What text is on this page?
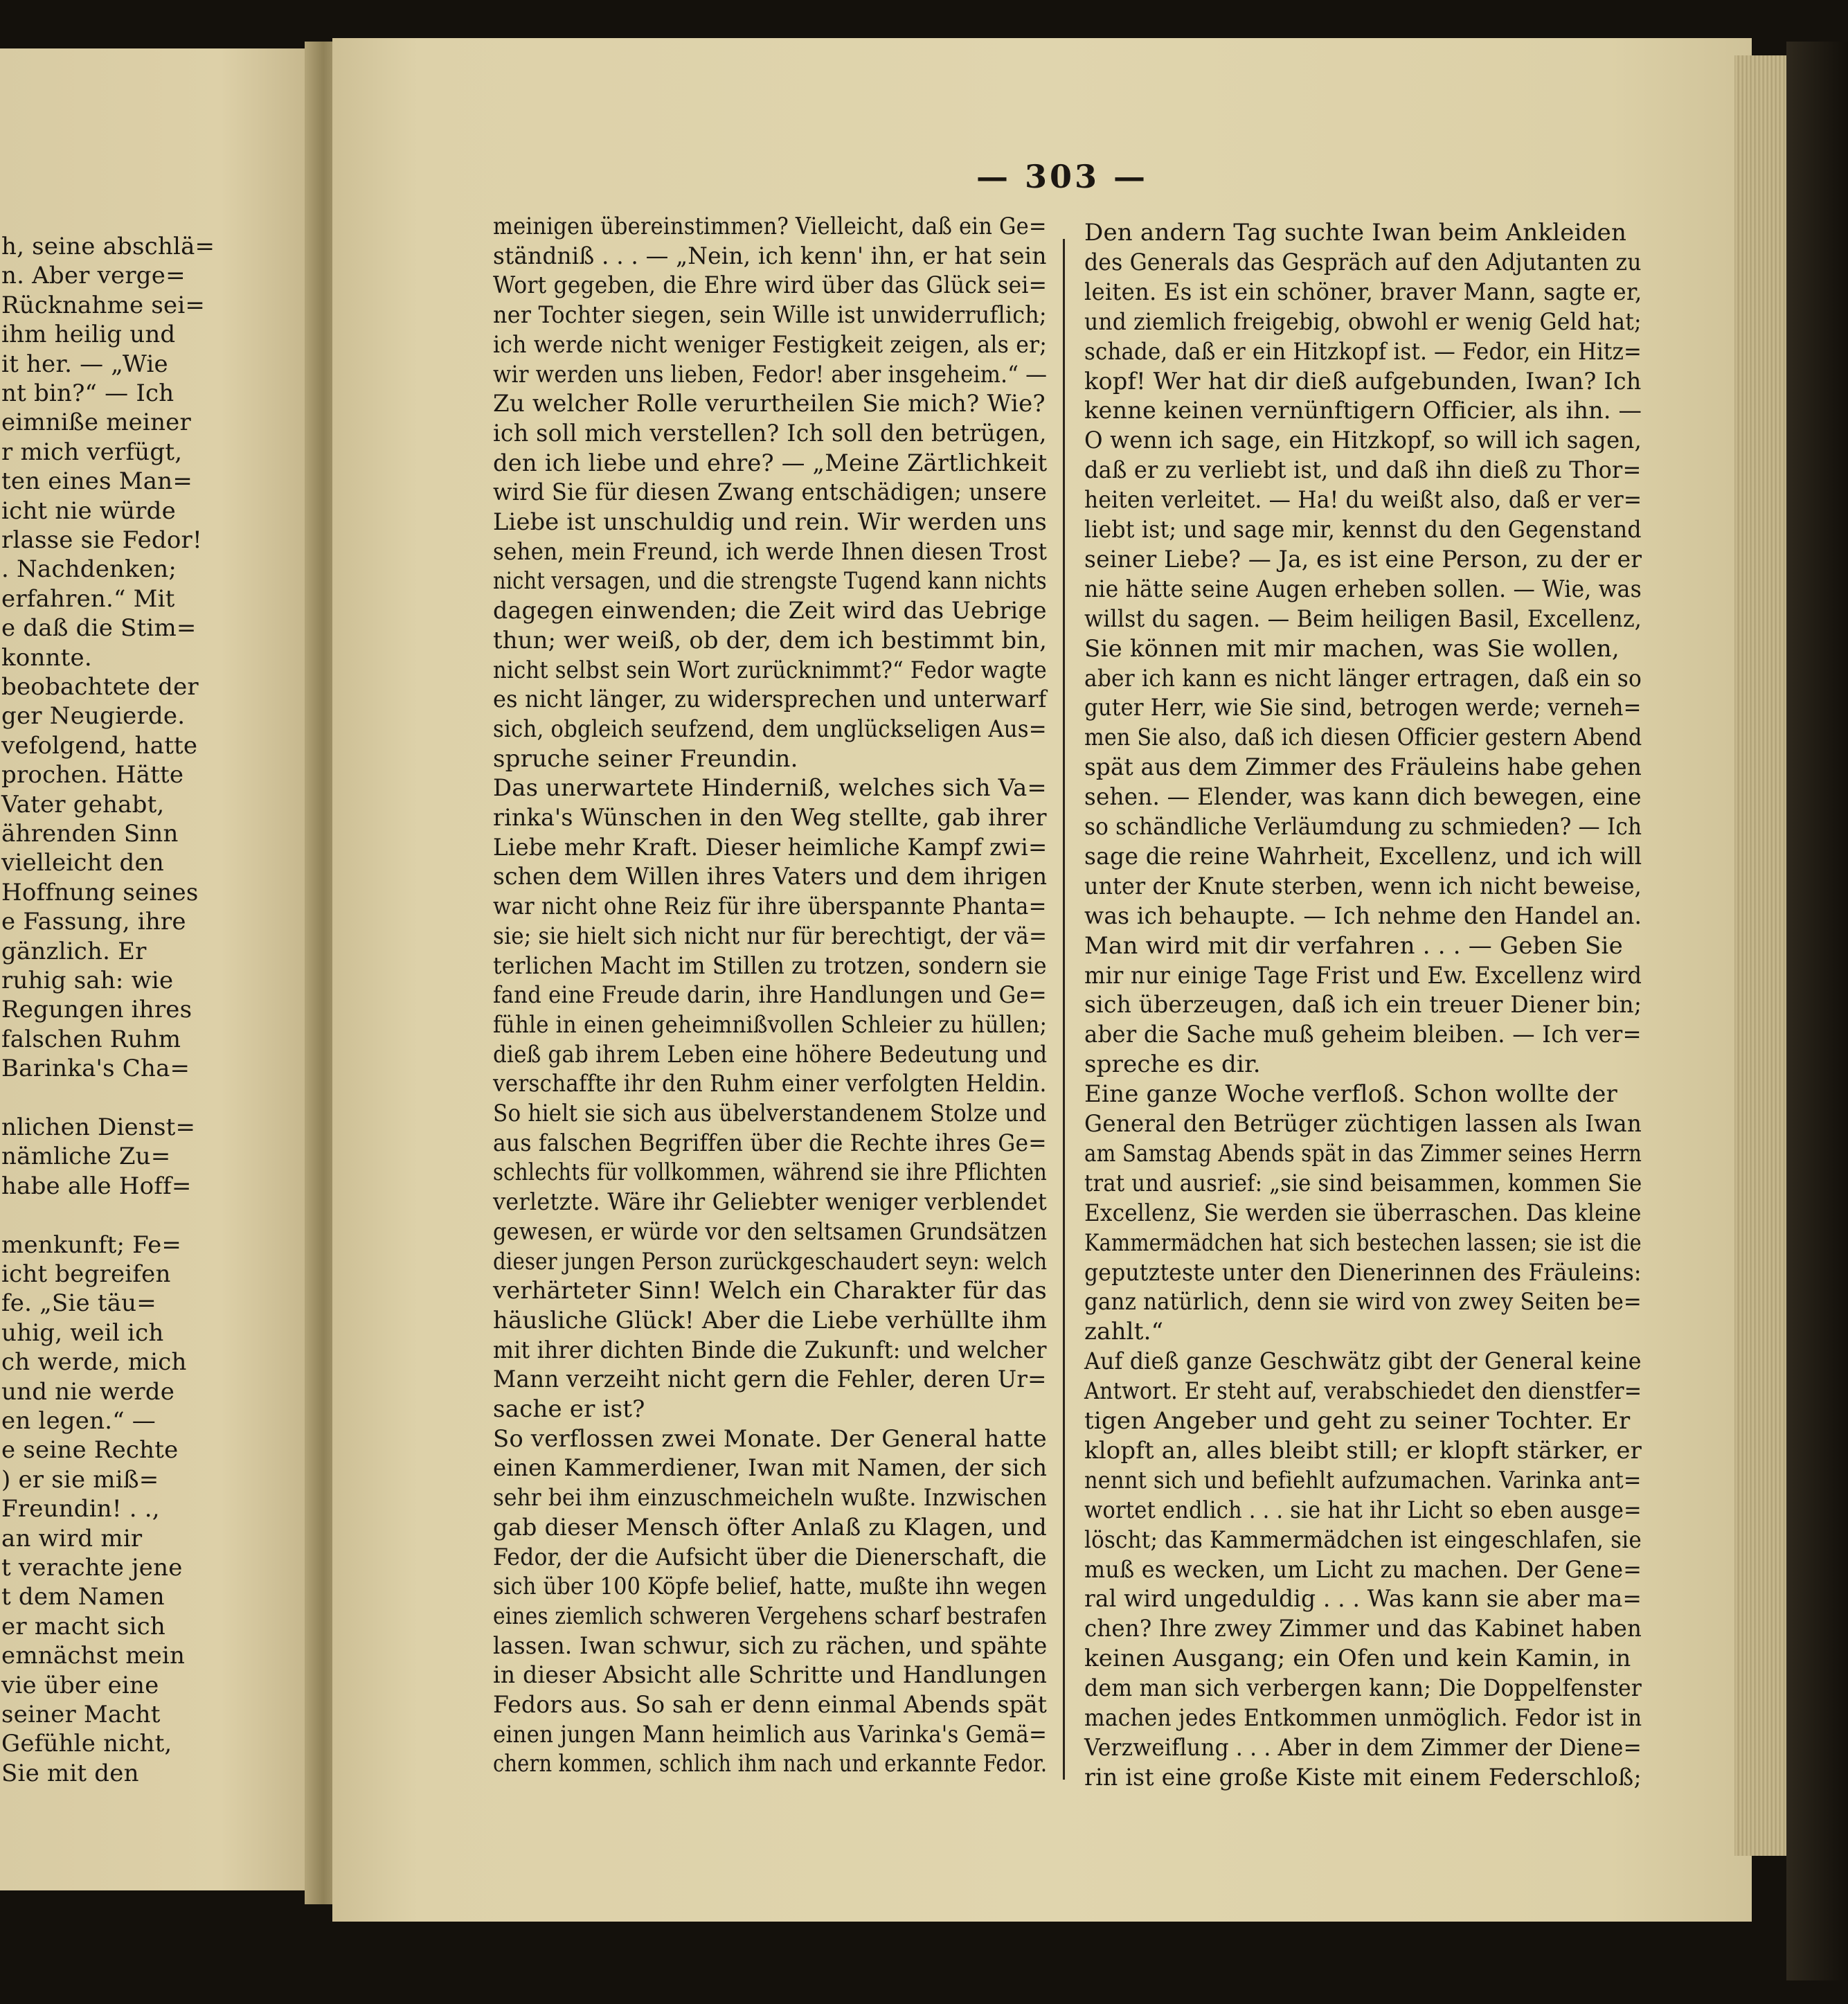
— 303 —
h, seine abschlä=
n. Aber verge=
Rücknahme sei=
ihm heilig und
it her. — „Wie
nt bin?“ — Ich
eimniße meiner
r mich verfügt,
ten eines Man=
icht nie würde
rlasse sie Fedor!
. Nachdenken;
erfahren.“ Mit
e daß die Stim=
konnte.
beobachtete der
ger Neugierde.
vefolgend, hatte
prochen. Hätte
Vater gehabt,
ährenden Sinn
vielleicht den
Hoffnung seines
e Fassung, ihre
gänzlich. Er
ruhig sah: wie
Regungen ihres
falschen Ruhm
Barinka's Cha=
nlichen Dienst=
nämliche Zu=
habe alle Hoff=
menkunft; Fe=
icht begreifen
fe. „Sie täu=
uhig, weil ich
ch werde, mich
und nie werde
en legen.“ —
e seine Rechte
) er sie miß=
Freundin! . .,
an wird mir
t verachte jene
t dem Namen
er macht sich
emnächst mein
vie über eine
seiner Macht
Gefühle nicht,
Sie mit den
meinigen übereinstimmen? Vielleicht, daß ein Ge=
ständniß . . . — „Nein, ich kenn' ihn, er hat sein
Wort gegeben, die Ehre wird über das Glück sei=
ner Tochter siegen, sein Wille ist unwiderruflich;
ich werde nicht weniger Festigkeit zeigen, als er;
wir werden uns lieben, Fedor! aber insgeheim.“ —
Zu welcher Rolle verurtheilen Sie mich? Wie?
ich soll mich verstellen? Ich soll den betrügen,
den ich liebe und ehre? — „Meine Zärtlichkeit
wird Sie für diesen Zwang entschädigen; unsere
Liebe ist unschuldig und rein. Wir werden uns
sehen, mein Freund, ich werde Ihnen diesen Trost
nicht versagen, und die strengste Tugend kann nichts
dagegen einwenden; die Zeit wird das Uebrige
thun; wer weiß, ob der, dem ich bestimmt bin,
nicht selbst sein Wort zurücknimmt?“ Fedor wagte
es nicht länger, zu widersprechen und unterwarf
sich, obgleich seufzend, dem unglückseligen Aus=
spruche seiner Freundin.
Das unerwartete Hinderniß, welches sich Va=
rinka's Wünschen in den Weg stellte, gab ihrer
Liebe mehr Kraft. Dieser heimliche Kampf zwi=
schen dem Willen ihres Vaters und dem ihrigen
war nicht ohne Reiz für ihre überspannte Phanta=
sie; sie hielt sich nicht nur für berechtigt, der vä=
terlichen Macht im Stillen zu trotzen, sondern sie
fand eine Freude darin, ihre Handlungen und Ge=
fühle in einen geheimnißvollen Schleier zu hüllen;
dieß gab ihrem Leben eine höhere Bedeutung und
verschaffte ihr den Ruhm einer verfolgten Heldin.
So hielt sie sich aus übelverstandenem Stolze und
aus falschen Begriffen über die Rechte ihres Ge=
schlechts für vollkommen, während sie ihre Pflichten
verletzte. Wäre ihr Geliebter weniger verblendet
gewesen, er würde vor den seltsamen Grundsätzen
dieser jungen Person zurückgeschaudert seyn: welch
verhärteter Sinn! Welch ein Charakter für das
häusliche Glück! Aber die Liebe verhüllte ihm
mit ihrer dichten Binde die Zukunft: und welcher
Mann verzeiht nicht gern die Fehler, deren Ur=
sache er ist?
So verflossen zwei Monate. Der General hatte
einen Kammerdiener, Iwan mit Namen, der sich
sehr bei ihm einzuschmeicheln wußte. Inzwischen
gab dieser Mensch öfter Anlaß zu Klagen, und
Fedor, der die Aufsicht über die Dienerschaft, die
sich über 100 Köpfe belief, hatte, mußte ihn wegen
eines ziemlich schweren Vergehens scharf bestrafen
lassen. Iwan schwur, sich zu rächen, und spähte
in dieser Absicht alle Schritte und Handlungen
Fedors aus. So sah er denn einmal Abends spät
einen jungen Mann heimlich aus Varinka's Gemä=
chern kommen, schlich ihm nach und erkannte Fedor.
Den andern Tag suchte Iwan beim Ankleiden
des Generals das Gespräch auf den Adjutanten zu
leiten. Es ist ein schöner, braver Mann, sagte er,
und ziemlich freigebig, obwohl er wenig Geld hat;
schade, daß er ein Hitzkopf ist. — Fedor, ein Hitz=
kopf! Wer hat dir dieß aufgebunden, Iwan? Ich
kenne keinen vernünftigern Officier, als ihn. —
O wenn ich sage, ein Hitzkopf, so will ich sagen,
daß er zu verliebt ist, und daß ihn dieß zu Thor=
heiten verleitet. — Ha! du weißt also, daß er ver=
liebt ist; und sage mir, kennst du den Gegenstand
seiner Liebe? — Ja, es ist eine Person, zu der er
nie hätte seine Augen erheben sollen. — Wie, was
willst du sagen. — Beim heiligen Basil, Excellenz,
Sie können mit mir machen, was Sie wollen,
aber ich kann es nicht länger ertragen, daß ein so
guter Herr, wie Sie sind, betrogen werde; verneh=
men Sie also, daß ich diesen Officier gestern Abend
spät aus dem Zimmer des Fräuleins habe gehen
sehen. — Elender, was kann dich bewegen, eine
so schändliche Verläumdung zu schmieden? — Ich
sage die reine Wahrheit, Excellenz, und ich will
unter der Knute sterben, wenn ich nicht beweise,
was ich behaupte. — Ich nehme den Handel an.
Man wird mit dir verfahren . . . — Geben Sie
mir nur einige Tage Frist und Ew. Excellenz wird
sich überzeugen, daß ich ein treuer Diener bin;
aber die Sache muß geheim bleiben. — Ich ver=
spreche es dir.
Eine ganze Woche verfloß. Schon wollte der
General den Betrüger züchtigen lassen als Iwan
am Samstag Abends spät in das Zimmer seines Herrn
trat und ausrief: „sie sind beisammen, kommen Sie
Excellenz, Sie werden sie überraschen. Das kleine
Kammermädchen hat sich bestechen lassen; sie ist die
geputzteste unter den Dienerinnen des Fräuleins:
ganz natürlich, denn sie wird von zwey Seiten be=
zahlt.“
Auf dieß ganze Geschwätz gibt der General keine
Antwort. Er steht auf, verabschiedet den dienstfer=
tigen Angeber und geht zu seiner Tochter. Er
klopft an, alles bleibt still; er klopft stärker, er
nennt sich und befiehlt aufzumachen. Varinka ant=
wortet endlich . . . sie hat ihr Licht so eben ausge=
löscht; das Kammermädchen ist eingeschlafen, sie
muß es wecken, um Licht zu machen. Der Gene=
ral wird ungeduldig . . . Was kann sie aber ma=
chen? Ihre zwey Zimmer und das Kabinet haben
keinen Ausgang; ein Ofen und kein Kamin, in
dem man sich verbergen kann; Die Doppelfenster
machen jedes Entkommen unmöglich. Fedor ist in
Verzweiflung . . . Aber in dem Zimmer der Diene=
rin ist eine große Kiste mit einem Federschloß;
